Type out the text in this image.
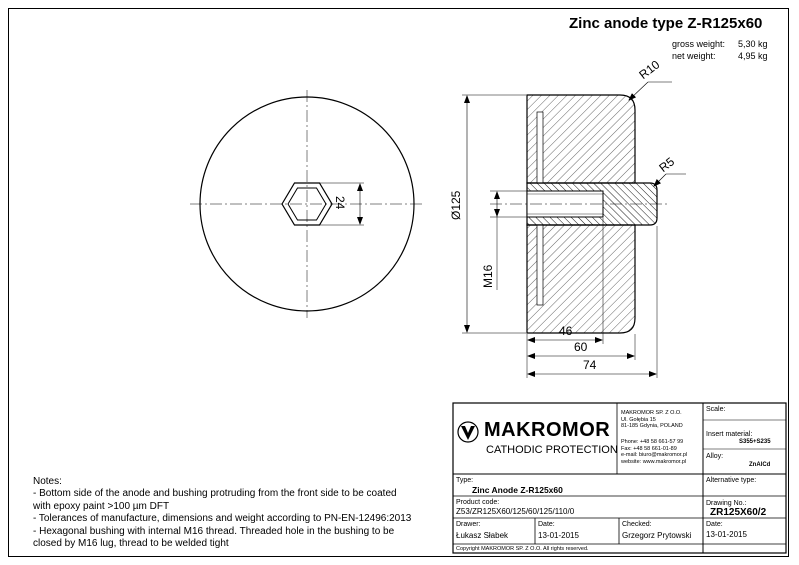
Zinc anode type Z-R125x60
gross weight: 5,30 kg
net weight: 4,95 kg
R10
R5
24	Ø125
M16
46
60
74
Notes:
- Bottom side of the anode and bushing protruding from the front side to be coated
with epoxy paint >100 µm DFT
- Tolerances of manufacture, dimensions and weight according to PN-EN-12496:2013
- Hexagonal bushing with internal M16 thread. Threaded hole in the bushing to be
closed by M16 lug, thread to be welded tight
MAKROMOR
CATHODIC PROTECTION
MAKROMOR SP. Z O.O.
Ul. Gołębia 15
81-185 Gdynia, POLAND
Phone: +48 58 661-57 99
Fax: +48 58 661-01-89
e-mail: biuro@makromor.pl
website: www.makromor.pl
Copyright MAKROMOR SP. Z O.O. All rights reserved.
Scale:
Insert material:
S355+S235
Alloy:
ZnAlCd
Alternative type:
Drawing No.:
ZR125X60/2
Date:
13-01-2015
Type:
Zinc Anode Z-R125x60
Product code:
Z53/ZR125X60/125/60/125/110/0
Drawer:
Łukasz Słabek
Date:
13-01-2015
Checked:
Grzegorz Prytowski
